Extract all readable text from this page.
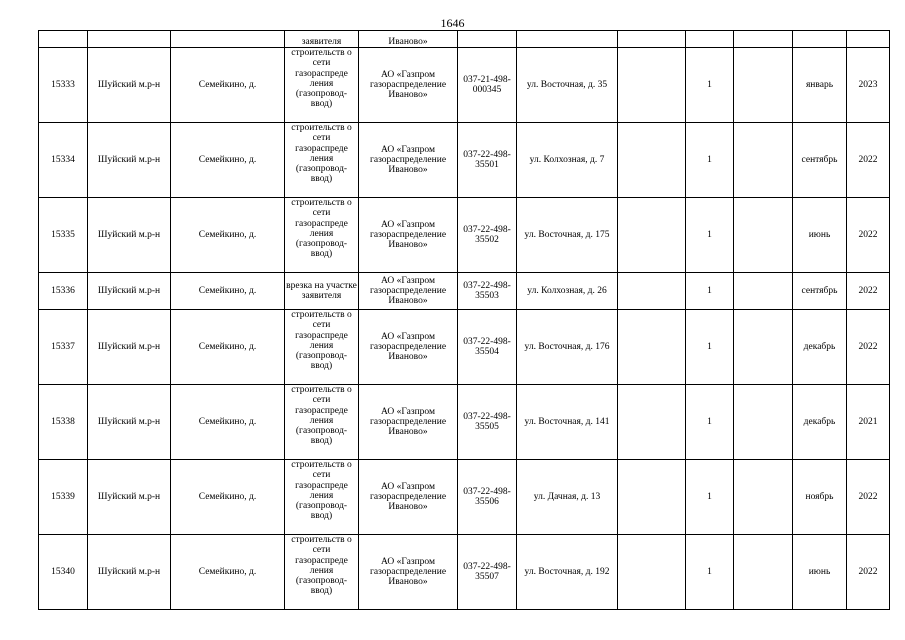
1646
			заявителя	Иваново»							
15333	Шуйский м.р-н	Семейкино, д.	строительств о сети газораспреде ления (газопровод-ввод)	АО «Газпром газораспределение Иваново»	037-21-498-000345	ул. Восточная, д. 35		1		январь	2023
15334	Шуйский м.р-н	Семейкино, д.	строительств о сети газораспреде ления (газопровод-ввод)	АО «Газпром газораспределение Иваново»	037-22-498-35501	ул. Колхозная, д. 7		1		сентябрь	2022
15335	Шуйский м.р-н	Семейкино, д.	строительств о сети газораспреде ления (газопровод-ввод)	АО «Газпром газораспределение Иваново»	037-22-498-35502	ул. Восточная, д. 175		1		июнь	2022
15336	Шуйский м.р-н	Семейкино, д.	врезка на участке заявителя	АО «Газпром газораспределение Иваново»	037-22-498-35503	ул. Колхозная, д. 26		1		сентябрь	2022
15337	Шуйский м.р-н	Семейкино, д.	строительств о сети газораспреде ления (газопровод-ввод)	АО «Газпром газораспределение Иваново»	037-22-498-35504	ул. Восточная, д. 176		1		декабрь	2022
15338	Шуйский м.р-н	Семейкино, д.	строительств о сети газораспреде ления (газопровод-ввод)	АО «Газпром газораспределение Иваново»	037-22-498-35505	ул. Восточная, д. 141		1		декабрь	2021
15339	Шуйский м.р-н	Семейкино, д.	строительств о сети газораспреде ления (газопровод-ввод)	АО «Газпром газораспределение Иваново»	037-22-498-35506	ул. Дачная, д. 13		1		ноябрь	2022
15340	Шуйский м.р-н	Семейкино, д.	строительств о сети газораспреде ления (газопровод-ввод)	АО «Газпром газораспределение Иваново»	037-22-498-35507	ул. Восточная, д. 192		1		июнь	2022
